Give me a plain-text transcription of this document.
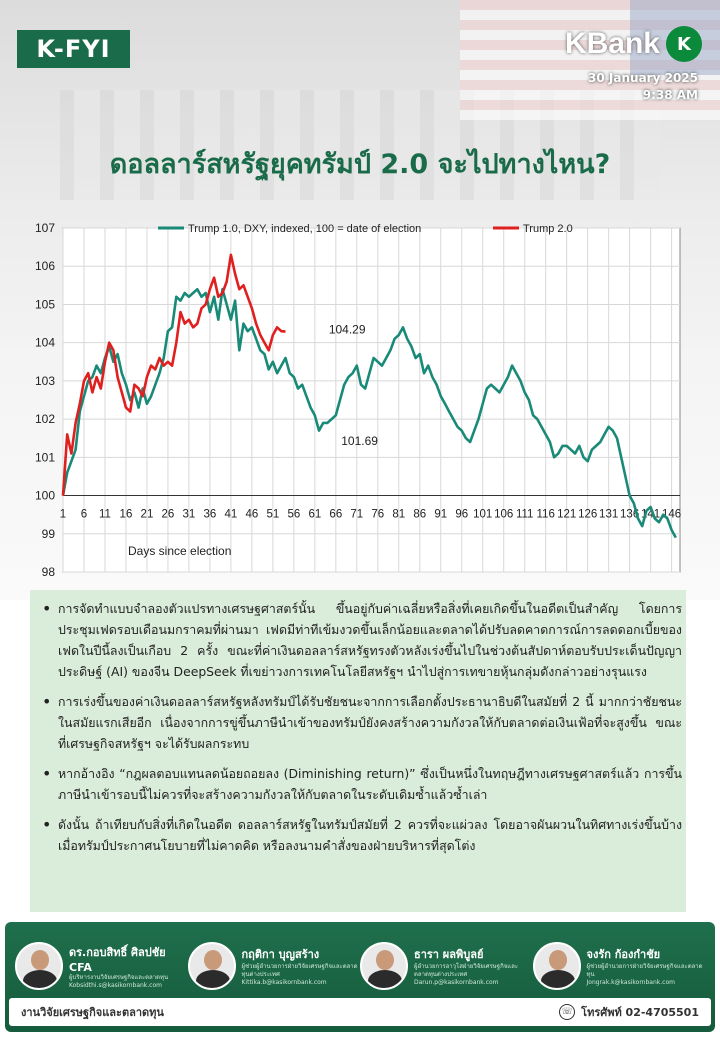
K-FYI	KBank K
30 January 2025
9:38 AM
ดอลลาร์สหรัฐยุคทรัมป์ 2.0 จะไปทางไหน?
98
99
100
101
102
103
104
105
106
107
1 6 11 16 21 26 31 36 41 46 51 56 61 66 71 76 81 86 91 96 101 106 111 116 121 126 131 136 141 146
104.29
101.69
Trump 1.0, DXY, indexed, 100 = date of election	Trump 2.0
Days since election
• การจัดทำแบบจำลองตัวแปรทางเศรษฐศาสตร์นั้น ขึ้นอยู่กับค่าเฉลี่ยหรือสิ่งที่เคยเกิดขึ้นในอดีตเป็นสำคัญ โดยการประชุมเฟดรอบเดือนมกราคมที่ผ่านมา เฟดมีท่าทีเข้มงวดขึ้นเล็กน้อยและตลาดได้ปรับลดคาดการณ์การลดดอกเบี้ยของเฟดในปีนี้ลงเป็นเกือบ 2 ครั้ง ขณะที่ค่าเงินดอลลาร์สหรัฐทรงตัวหลังเร่งขึ้นไปในช่วงต้นสัปดาห์ตอบรับประเด็นปัญญาประดิษฐ์ (AI) ของจีน DeepSeek ที่เขย่าวงการเทคโนโลยีสหรัฐฯ นำไปสู่การเทขายหุ้นกลุ่มดังกล่าวอย่างรุนแรง
• การเร่งขึ้นของค่าเงินดอลลาร์สหรัฐหลังทรัมป์ได้รับชัยชนะจากการเลือกตั้งประธานาธิบดีในสมัยที่ 2 นี้ มากกว่าชัยชนะในสมัยแรกเสียอีก เนื่องจากการขู่ขึ้นภาษีนำเข้าของทรัมป์ยังคงสร้างความกังวลให้กับตลาดต่อเงินเฟ้อที่จะสูงขึ้น ขณะ ที่เศรษฐกิจสหรัฐฯ จะได้รับผลกระทบ
• หากอ้างอิง “กฎผลตอบแทนลดน้อยถอยลง (Diminishing return)” ซึ่งเป็นหนึ่งในทฤษฎีทางเศรษฐศาสตร์แล้ว การขึ้นภาษีนำเข้ารอบนี้ไม่ควรที่จะสร้างความกังวลให้กับตลาดในระดับเดิมซ้ำแล้วซ้ำเล่า
• ดังนั้น ถ้าเทียบกับสิ่งที่เกิดในอดีต ดอลลาร์สหรัฐในทรัมป์สมัยที่ 2 ควรที่จะแผ่วลง โดยอาจผันผวนในทิศทางเร่งขึ้นบ้าง เมื่อทรัมป์ประกาศนโยบายที่ไม่คาดคิด หรือลงนามคำสั่งของฝ่ายบริหารที่สุดโต่ง
ดร.กอบสิทธิ์ ศิลปชัย CFA
ผู้บริหารงานวิจัยเศรษฐกิจและตลาดทุน
Kobsidthi.s@kasikornbank.com
กฤติกา บุญสร้าง
ผู้ช่วยผู้อำนวยการฝ่ายวิจัยเศรษฐกิจและตลาดทุนต่างประเทศ
Kittika.b@kasikornbank.com
ธารา ผลพิบูลย์
ผู้อำนวยการอาวุโสฝ่ายวิจัยเศรษฐกิจและตลาดทุนต่างประเทศ
Darun.p@kasikornbank.com
จงรัก ก้องกำชัย
ผู้ช่วยผู้อำนวยการฝ่ายวิจัยเศรษฐกิจและตลาดทุน
Jongrak.k@kasikornbank.com
งานวิจัยเศรษฐกิจและตลาดทุน	☏ โทรศัพท์ 02-4705501
